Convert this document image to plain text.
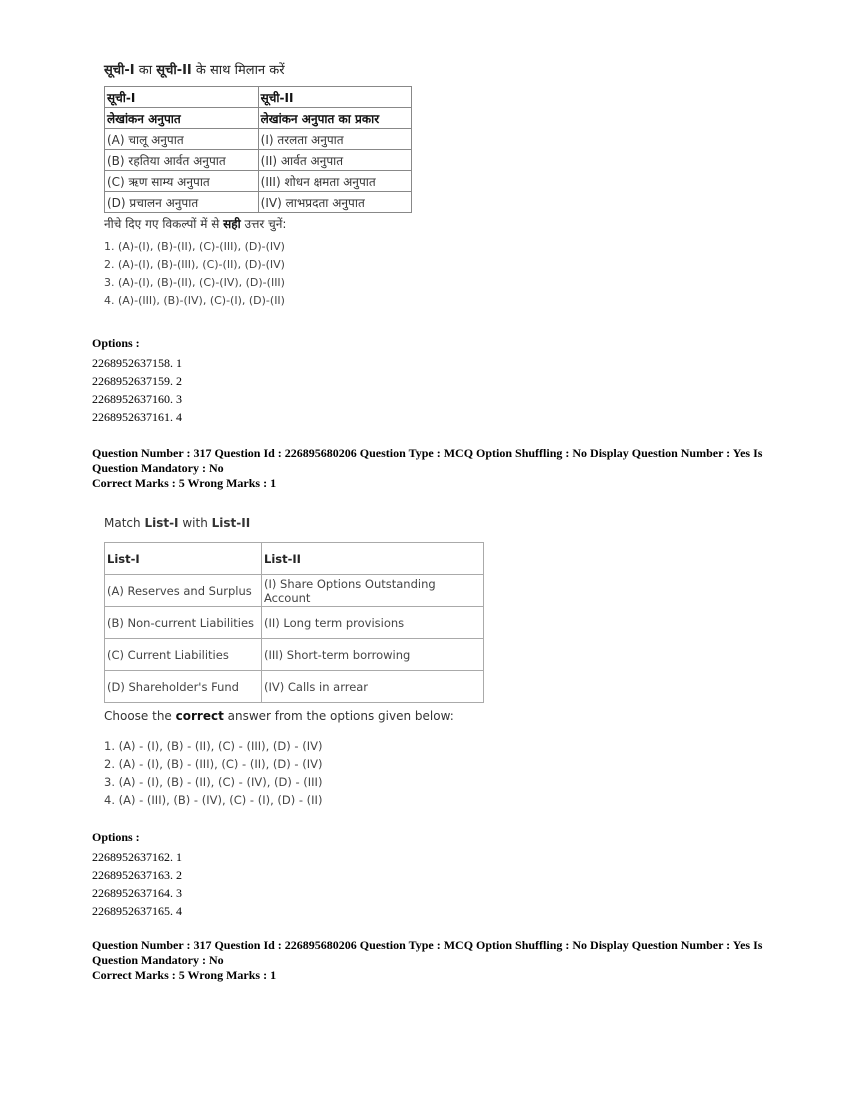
सूची-I का सूची-II के साथ मिलान करें

सूची-I	सूची-II
लेखांकन अनुपात	लेखांकन अनुपात का प्रकार
(A) चालू अनुपात	(I) तरलता अनुपात
(B) रहतिया आर्वत अनुपात	(II) आर्वत अनुपात
(C) ऋण साम्य अनुपात	(III) शोधन क्षमता अनुपात
(D) प्रचालन अनुपात	(IV) लाभप्रदता अनुपात

नीचे दिए गए विकल्पों में से सही उत्तर चुनें:

1. (A)-(I), (B)-(II), (C)-(III), (D)-(IV)
2. (A)-(I), (B)-(III), (C)-(II), (D)-(IV)
3. (A)-(I), (B)-(II), (C)-(IV), (D)-(III)
4. (A)-(III), (B)-(IV), (C)-(I), (D)-(II)
Options :
2268952637158. 1
2268952637159. 2
2268952637160. 3
2268952637161. 4
Question Number : 317 Question Id : 226895680206 Question Type : MCQ Option Shuffling : No Display Question Number : Yes Is
Question Mandatory : No
Correct Marks : 5 Wrong Marks : 1

Match List-I with List-II

List-I	List-II
(A) Reserves and Surplus	(I) Share Options Outstanding Account
(B) Non-current Liabilities	(II) Long term provisions
(C) Current Liabilities	(III) Short-term borrowing
(D) Shareholder's Fund	(IV) Calls in arrear

Choose the correct answer from the options given below:

1. (A) - (I), (B) - (II), (C) - (III), (D) - (IV)
2. (A) - (I), (B) - (III), (C) - (II), (D) - (IV)
3. (A) - (I), (B) - (II), (C) - (IV), (D) - (III)
4. (A) - (III), (B) - (IV), (C) - (I), (D) - (II)
Options :
2268952637162. 1
2268952637163. 2
2268952637164. 3
2268952637165. 4
Question Number : 317 Question Id : 226895680206 Question Type : MCQ Option Shuffling : No Display Question Number : Yes Is
Question Mandatory : No
Correct Marks : 5 Wrong Marks : 1
